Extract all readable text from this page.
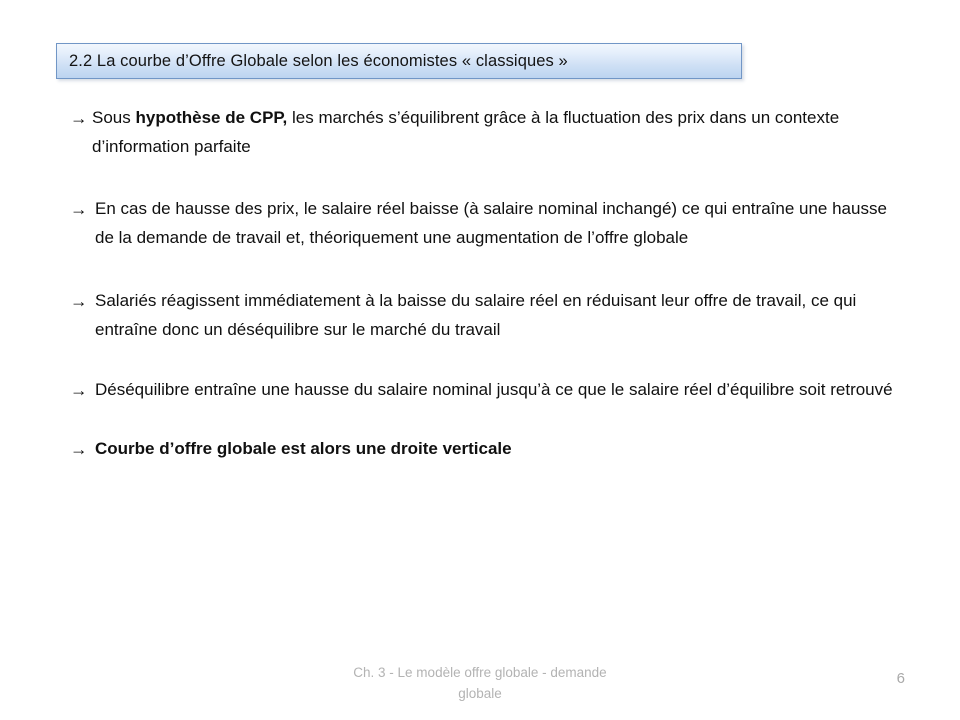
2.2 La courbe d’Offre Globale selon les économistes « classiques »

→ Sous hypothèse de CPP, les marchés s’équilibrent grâce à la fluctuation des prix dans un contexte d’information parfaite

→ En cas de hausse des prix, le salaire réel baisse (à salaire nominal inchangé) ce qui entraîne une hausse de la demande de travail et, théoriquement une augmentation de l’offre globale

→ Salariés réagissent immédiatement à la baisse du salaire réel en réduisant leur offre de travail, ce qui entraîne donc un déséquilibre sur le marché du travail

→ Déséquilibre entraîne une hausse du salaire nominal jusqu’à ce que le salaire réel d’équilibre soit retrouvé

→ Courbe d’offre globale est alors une droite verticale

Ch. 3 - Le modèle offre globale - demande
globale
6
